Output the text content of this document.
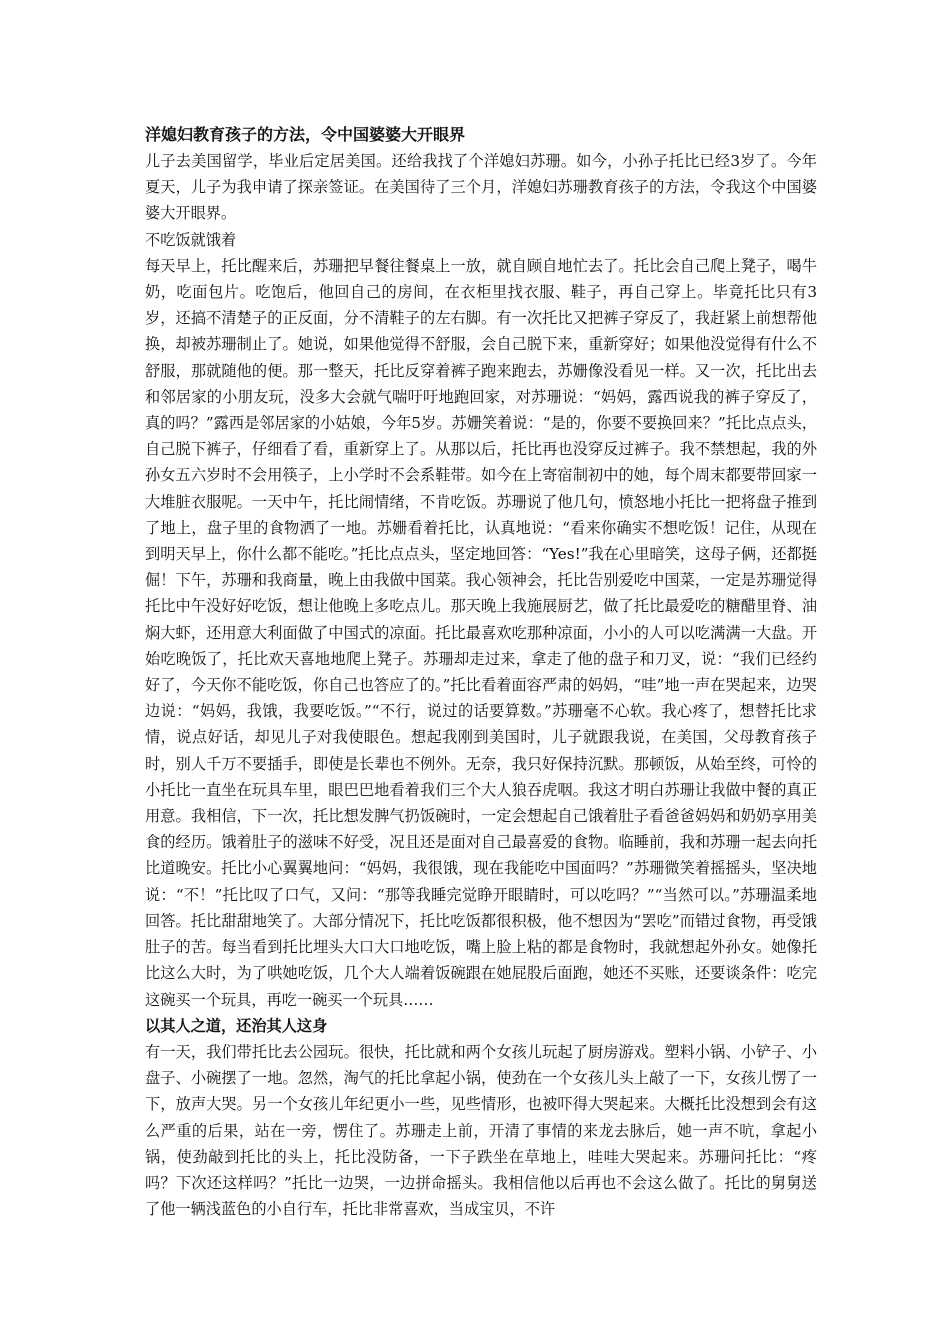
洋媳妇教育孩子的方法，令中国婆婆大开眼界

儿子去美国留学，毕业后定居美国。还给我找了个洋媳妇苏珊。如今，小孙子托比已经3岁了。今年夏天，儿子为我申请了探亲签证。在美国待了三个月，洋媳妇苏珊教育孩子的方法，令我这个中国婆婆大开眼界。

不吃饭就饿着

每天早上，托比醒来后，苏珊把早餐往餐桌上一放，就自顾自地忙去了。托比会自己爬上凳子，喝牛奶，吃面包片。吃饱后，他回自己的房间，在衣柜里找衣服、鞋子，再自己穿上。毕竟托比只有3岁，还搞不清楚子的正反面，分不清鞋子的左右脚。有一次托比又把裤子穿反了，我赶紧上前想帮他换，却被苏珊制止了。她说，如果他觉得不舒服，会自己脱下来，重新穿好；如果他没觉得有什么不舒服，那就随他的便。那一整天，托比反穿着裤子跑来跑去，苏姗像没看见一样。又一次，托比出去和邻居家的小朋友玩，没多大会就气喘吁吁地跑回家，对苏珊说：“妈妈，露西说我的裤子穿反了，真的吗？”露西是邻居家的小姑娘，今年5岁。苏姗笑着说：“是的，你要不要换回来？”托比点点头，自己脱下裤子，仔细看了看，重新穿上了。从那以后，托比再也没穿反过裤子。我不禁想起，我的外孙女五六岁时不会用筷子，上小学时不会系鞋带。如今在上寄宿制初中的她，每个周末都要带回家一大堆脏衣服呢。一天中午，托比闹情绪，不肯吃饭。苏珊说了他几句，愤怒地小托比一把将盘子推到了地上，盘子里的食物洒了一地。苏姗看着托比，认真地说：“看来你确实不想吃饭！记住，从现在到明天早上，你什么都不能吃。”托比点点头，坚定地回答：“Yes!”我在心里暗笑，这母子俩，还都挺倔！下午，苏珊和我商量，晚上由我做中国菜。我心领神会，托比告别爱吃中国菜，一定是苏珊觉得托比中午没好好吃饭，想让他晚上多吃点儿。那天晚上我施展厨艺，做了托比最爱吃的糖醋里脊、油焖大虾，还用意大利面做了中国式的凉面。托比最喜欢吃那种凉面，小小的人可以吃满满一大盘。开始吃晚饭了，托比欢天喜地地爬上凳子。苏珊却走过来，拿走了他的盘子和刀叉，说：“我们已经约好了，今天你不能吃饭，你自己也答应了的。”托比看着面容严肃的妈妈，“哇”地一声在哭起来，边哭边说：“妈妈，我饿，我要吃饭。”“不行，说过的话要算数。”苏珊毫不心软。我心疼了，想替托比求情，说点好话，却见儿子对我使眼色。想起我刚到美国时，儿子就跟我说，在美国，父母教育孩子时，别人千万不要插手，即使是长辈也不例外。无奈，我只好保持沉默。那顿饭，从始至终，可怜的小托比一直坐在玩具车里，眼巴巴地看着我们三个大人狼吞虎咽。我这才明白苏珊让我做中餐的真正用意。我相信，下一次，托比想发脾气扔饭碗时，一定会想起自己饿着肚子看爸爸妈妈和奶奶享用美食的经历。饿着肚子的滋味不好受，况且还是面对自己最喜爱的食物。临睡前，我和苏珊一起去向托比道晚安。托比小心翼翼地问：“妈妈，我很饿，现在我能吃中国面吗？”苏珊微笑着摇摇头，坚决地说：“不！”托比叹了口气，又问：“那等我睡完觉睁开眼睛时，可以吃吗？”“当然可以。”苏珊温柔地回答。托比甜甜地笑了。大部分情况下，托比吃饭都很积极，他不想因为“罢吃”而错过食物，再受饿肚子的苦。每当看到托比埋头大口大口地吃饭，嘴上脸上粘的都是食物时，我就想起外孙女。她像托比这么大时，为了哄她吃饭，几个大人端着饭碗跟在她屁股后面跑，她还不买账，还要谈条件：吃完这碗买一个玩具，再吃一碗买一个玩具……

以其人之道，还治其人这身

有一天，我们带托比去公园玩。很快，托比就和两个女孩儿玩起了厨房游戏。塑料小锅、小铲子、小盘子、小碗摆了一地。忽然，淘气的托比拿起小锅，使劲在一个女孩儿头上敲了一下，女孩儿愣了一下，放声大哭。另一个女孩儿年纪更小一些，见些情形，也被吓得大哭起来。大概托比没想到会有这么严重的后果，站在一旁，愣住了。苏珊走上前，开清了事情的来龙去脉后，她一声不吭，拿起小锅，使劲敲到托比的头上，托比没防备，一下子跌坐在草地上，哇哇大哭起来。苏珊问托比：“疼吗？下次还这样吗？”托比一边哭，一边拼命摇头。我相信他以后再也不会这么做了。托比的舅舅送了他一辆浅蓝色的小自行车，托比非常喜欢，当成宝贝，不许
